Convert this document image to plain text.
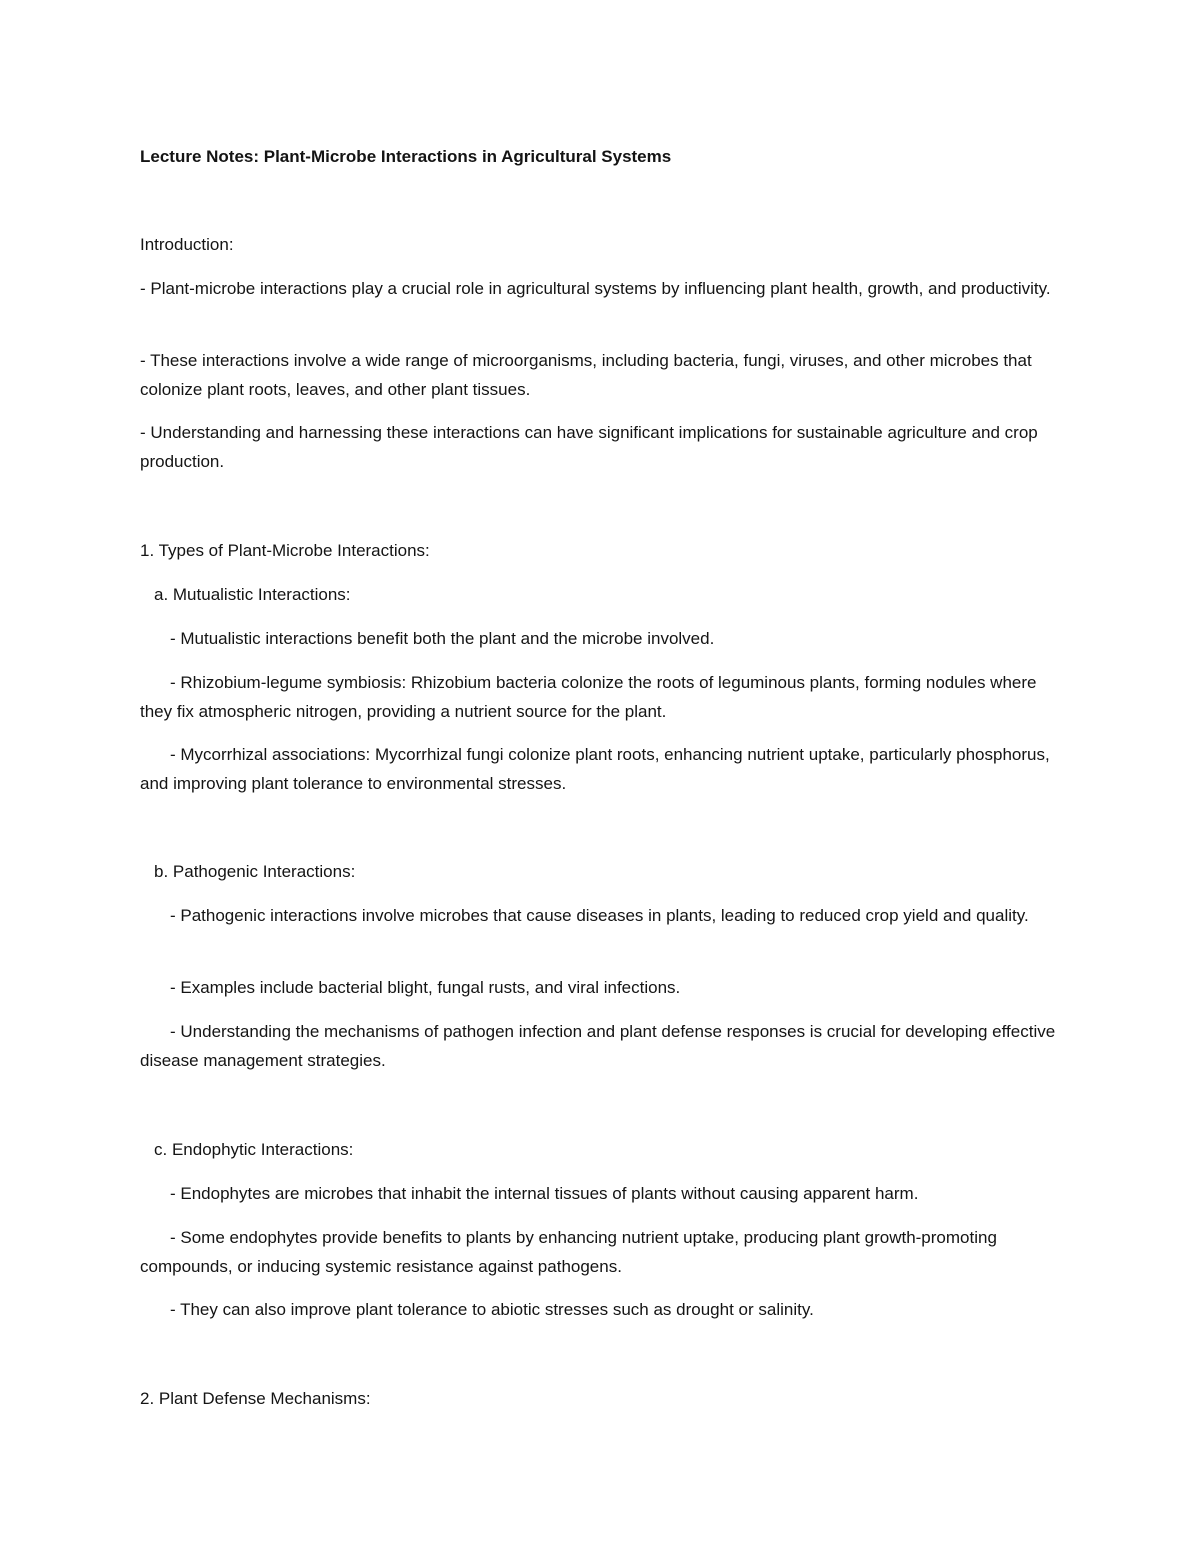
Lecture Notes: Plant-Microbe Interactions in Agricultural Systems

Introduction:

- Plant-microbe interactions play a crucial role in agricultural systems by influencing plant health, growth, and productivity.

- These interactions involve a wide range of microorganisms, including bacteria, fungi, viruses, and other microbes that colonize plant roots, leaves, and other plant tissues.

- Understanding and harnessing these interactions can have significant implications for sustainable agriculture and crop production.

1. Types of Plant-Microbe Interactions:

a. Mutualistic Interactions:

- Mutualistic interactions benefit both the plant and the microbe involved.

- Rhizobium-legume symbiosis: Rhizobium bacteria colonize the roots of leguminous plants, forming nodules where they fix atmospheric nitrogen, providing a nutrient source for the plant.

- Mycorrhizal associations: Mycorrhizal fungi colonize plant roots, enhancing nutrient uptake, particularly phosphorus, and improving plant tolerance to environmental stresses.

b. Pathogenic Interactions:

- Pathogenic interactions involve microbes that cause diseases in plants, leading to reduced crop yield and quality.

- Examples include bacterial blight, fungal rusts, and viral infections.

- Understanding the mechanisms of pathogen infection and plant defense responses is crucial for developing effective disease management strategies.

c. Endophytic Interactions:

- Endophytes are microbes that inhabit the internal tissues of plants without causing apparent harm.

- Some endophytes provide benefits to plants by enhancing nutrient uptake, producing plant growth-promoting compounds, or inducing systemic resistance against pathogens.

- They can also improve plant tolerance to abiotic stresses such as drought or salinity.

2. Plant Defense Mechanisms:
